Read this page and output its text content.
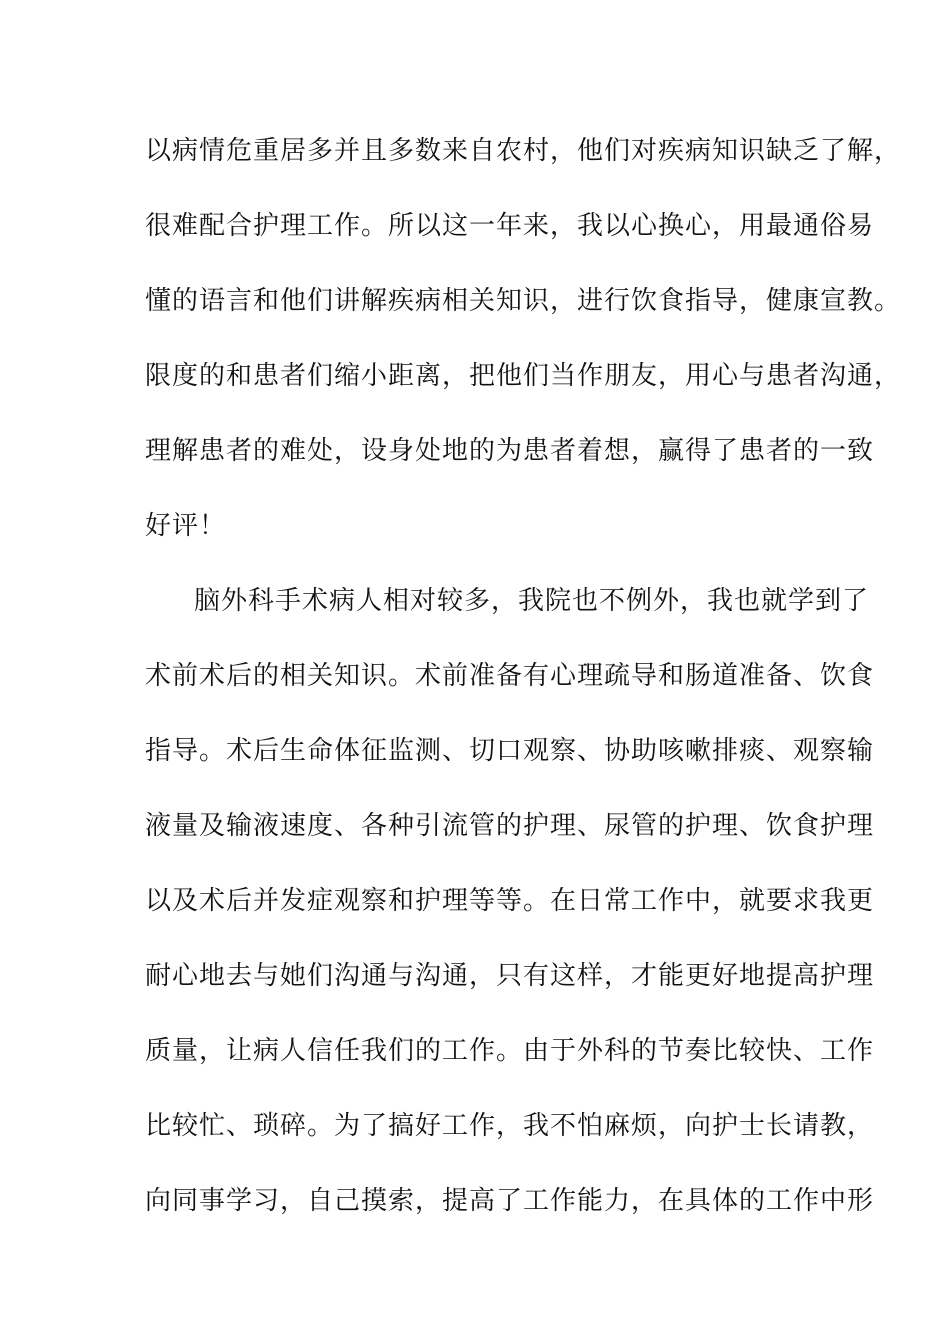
以病情危重居多并且多数来自农村，他们对疾病知识缺乏了解，
很难配合护理工作。所以这一年来，我以心换心，用最通俗易
懂的语言和他们讲解疾病相关知识，进行饮食指导，健康宣教。
限度的和患者们缩小距离，把他们当作朋友，用心与患者沟通，
理解患者的难处，设身处地的为患者着想，赢得了患者的一致
好评！
脑外科手术病人相对较多，我院也不例外，我也就学到了
术前术后的相关知识。术前准备有心理疏导和肠道准备、饮食
指导。术后生命体征监测、切口观察、协助咳嗽排痰、观察输
液量及输液速度、各种引流管的护理、尿管的护理、饮食护理
以及术后并发症观察和护理等等。在日常工作中，就要求我更
耐心地去与她们沟通与沟通，只有这样，才能更好地提高护理
质量，让病人信任我们的工作。由于外科的节奏比较快、工作
比较忙、琐碎。为了搞好工作，我不怕麻烦，向护士长请教，
向同事学习，自己摸索，提高了工作能力，在具体的工作中形
